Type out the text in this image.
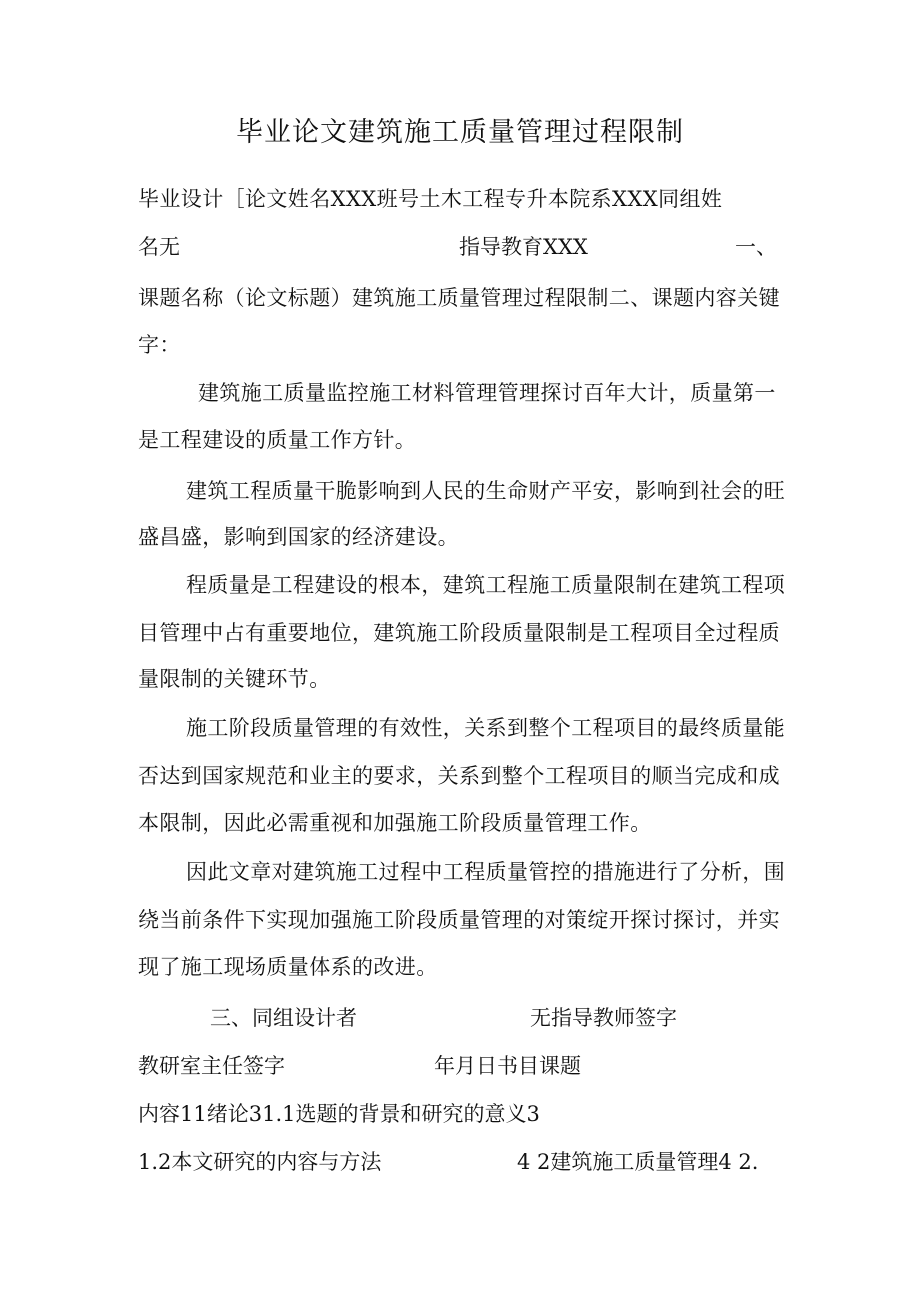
毕业论文建筑施工质量管理过程限制
毕业设计［论文姓名XXX班号土木工程专升本院系XXX同组姓
名无	指导教育XXX	一、
课题名称（论文标题）建筑施工质量管理过程限制二、课题内容关键
字：
建筑施工质量监控施工材料管理管理探讨百年大计，质量第一
是工程建设的质量工作方针。
建筑工程质量干脆影响到人民的生命财产平安，影响到社会的旺
盛昌盛，影响到国家的经济建设。
程质量是工程建设的根本，建筑工程施工质量限制在建筑工程项
目管理中占有重要地位，建筑施工阶段质量限制是工程项目全过程质
量限制的关键环节。
施工阶段质量管理的有效性，关系到整个工程项目的最终质量能
否达到国家规范和业主的要求，关系到整个工程项目的顺当完成和成
本限制，因此必需重视和加强施工阶段质量管理工作。
因此文章对建筑施工过程中工程质量管控的措施进行了分析，围
绕当前条件下实现加强施工阶段质量管理的对策绽开探讨探讨，并实
现了施工现场质量体系的改进。
三、同组设计者	无指导教师签字
教研室主任签字	年月日书目课题
内容11绪论31.1选题的背景和研究的意义3
1.2本文研究的内容与方法	4 2建筑施工质量管理4 2.
